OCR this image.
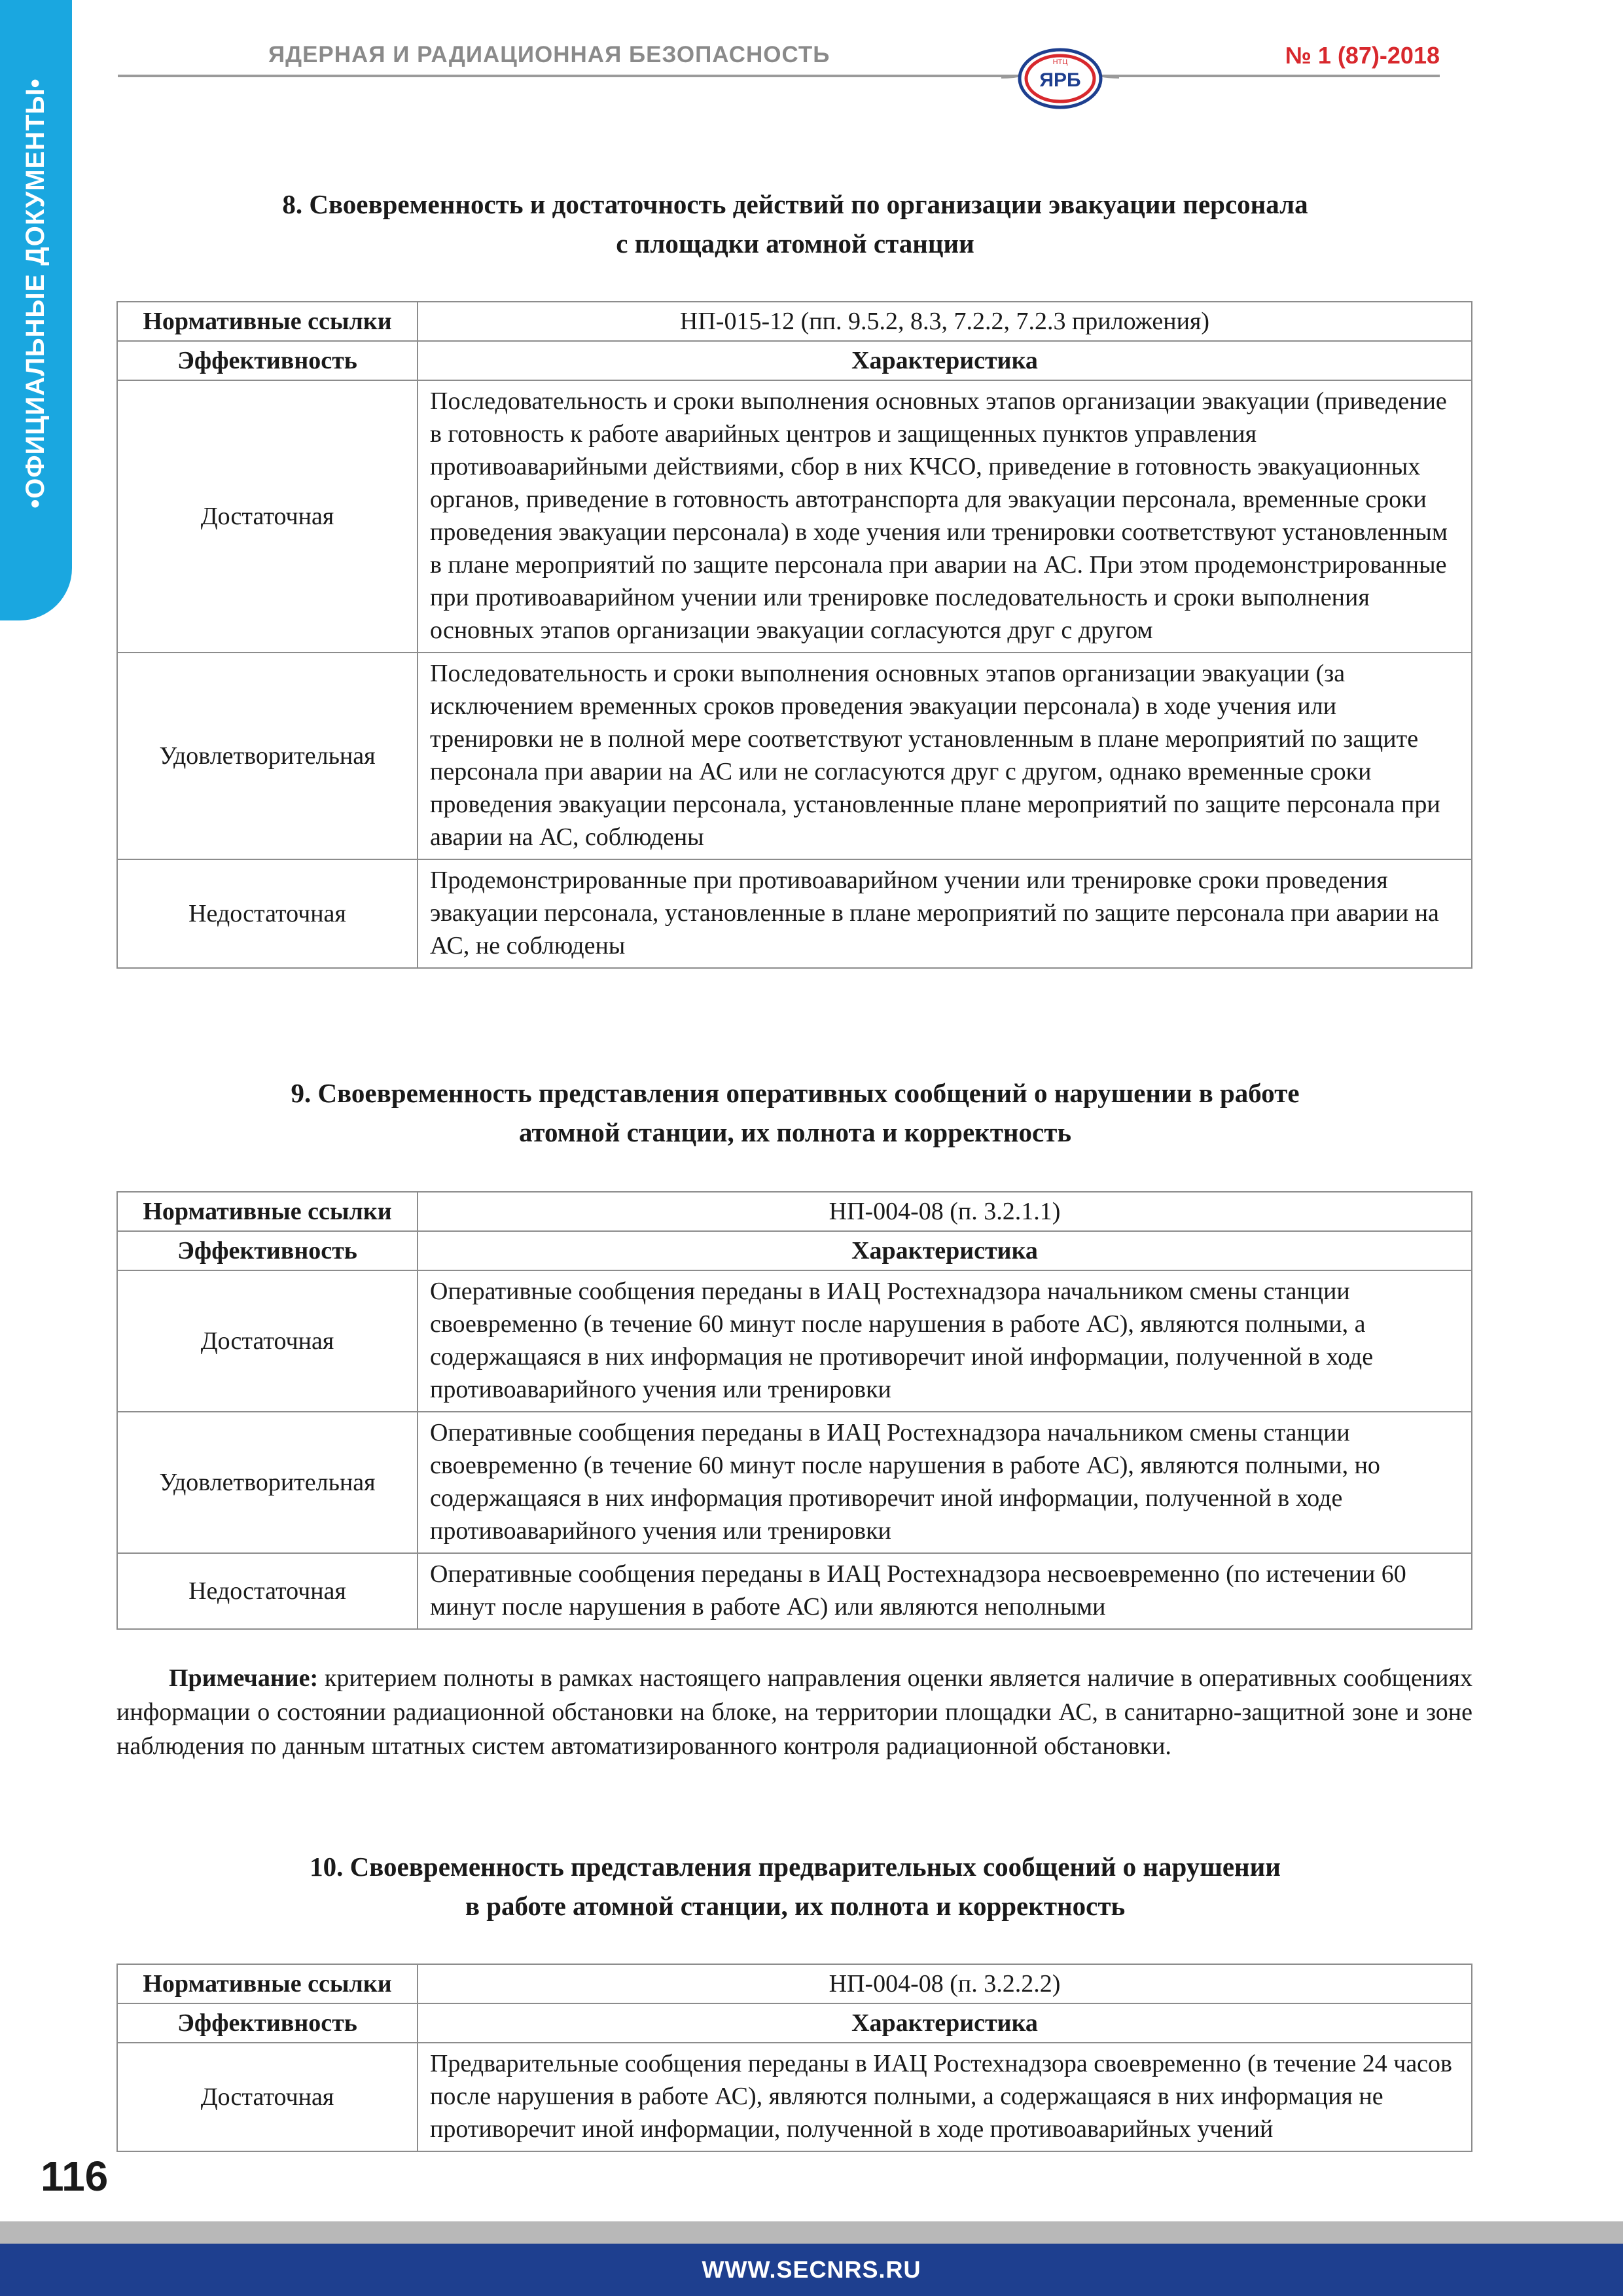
•ОФИЦИАЛЬНЫЕ ДОКУМЕНТЫ•
ЯДЕРНАЯ И РАДИАЦИОННАЯ БЕЗОПАСНОСТЬ
ЯРБ
НТЦ	№ 1 (87)-2018
8. Своевременность и достаточность действий по организации эвакуации персонала
с площадки атомной станции
Нормативные ссылки	НП-015-12 (пп. 9.5.2, 8.3, 7.2.2, 7.2.3 приложения)
Эффективность	Характеристика
Достаточная	Последовательность и сроки выполнения основных этапов организации эвакуации (приведение в готовность к работе аварийных центров и защищенных пунктов управления противоаварийными действиями, сбор в них КЧСО, приведение в готовность эвакуационных органов, приведение в готовность автотранспорта для эвакуации персонала, временные сроки проведения эвакуации персонала) в ходе учения или тренировки соответствуют установленным в плане мероприятий по защите персонала при аварии на АС. При этом продемонстрированные при противоаварийном учении или тренировке последовательность и сроки выполнения основных этапов организации эвакуации согласуются друг с другом
Удовлетворительная	Последовательность и сроки выполнения основных этапов организации эвакуации (за исключением временных сроков проведения эвакуации персонала) в ходе учения или тренировки не в полной мере соответствуют установленным в плане мероприятий по защите персонала при аварии на АС или не согласуются друг с другом, однако временные сроки проведения эвакуации персонала, установленные плане мероприятий по защите персонала при аварии на АС, соблюдены
Недостаточная	Продемонстрированные при противоаварийном учении или тренировке сроки проведения эвакуации персонала, установленные в плане мероприятий по защите персонала при аварии на АС, не соблюдены
9. Своевременность представления оперативных сообщений о нарушении в работе
атомной станции, их полнота и корректность
Нормативные ссылки	НП-004-08 (п. 3.2.1.1)
Эффективность	Характеристика
Достаточная	Оперативные сообщения переданы в ИАЦ Ростехнадзора начальником смены станции своевременно (в течение 60 минут после нарушения в работе АС), являются полными, а содержащаяся в них информация не противоречит иной информации, полученной в ходе противоаварийного учения или тренировки
Удовлетворительная	Оперативные сообщения переданы в ИАЦ Ростехнадзора начальником смены станции своевременно (в течение 60 минут после нарушения в работе АС), являются полными, но содержащаяся в них информация противоречит иной информации, полученной в ходе противоаварийного учения или тренировки
Недостаточная	Оперативные сообщения переданы в ИАЦ Ростехнадзора несвоевременно (по истечении 60 минут после нарушения в работе АС) или являются неполными
Примечание: критерием полноты в рамках настоящего направления оценки является наличие в оперативных сообщениях информации о состоянии радиационной обстановки на блоке, на территории площадки АС, в санитарно-защитной зоне и зоне наблюдения по данным штатных систем автоматизированного контроля радиационной обстановки.
10. Своевременность представления предварительных сообщений о нарушении
в работе атомной станции, их полнота и корректность
Нормативные ссылки	НП-004-08 (п. 3.2.2.2)
Эффективность	Характеристика
Достаточная	Предварительные сообщения переданы в ИАЦ Ростехнадзора своевременно (в течение 24 часов после нарушения в работе АС), являются полными, а содержащаяся в них информация не противоречит иной информации, полученной в ходе противоаварийных учений
116
WWW.SECNRS.RU
